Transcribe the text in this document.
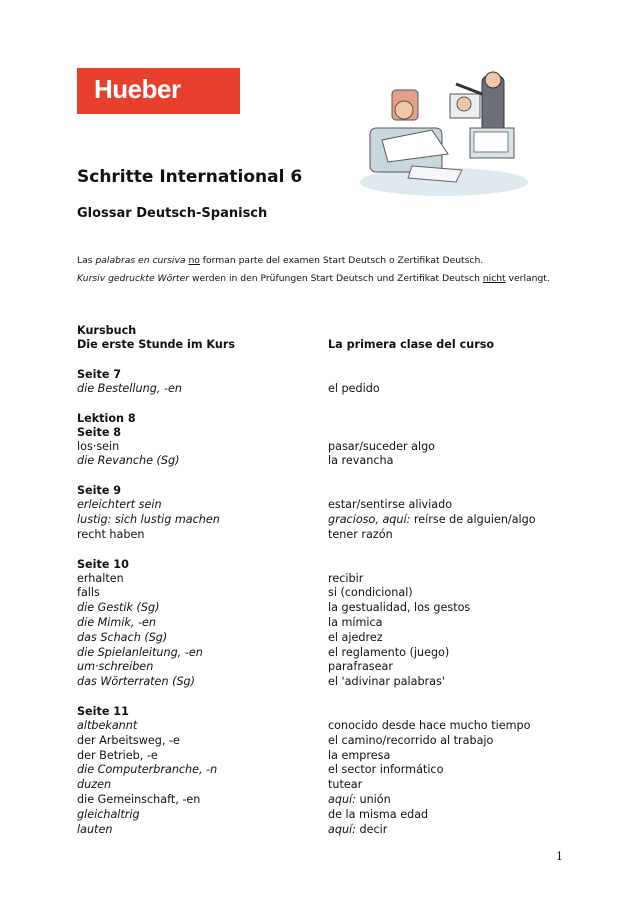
Hueber
Schritte International 6
Glossar Deutsch-Spanisch

Las palabras en cursiva no forman parte del examen Start Deutsch o Zertifikat Deutsch.

Kursiv gedruckte Wörter werden in den Prüfungen Start Deutsch und Zertifikat Deutsch nicht verlangt.

Kursbuch
Die erste Stunde im Kurs	La primera clase del curso
Seite 7
die Bestellung, -en	el pedido
Lektion 8
Seite 8
los·sein	pasar/suceder algo
die Revanche (Sg)	la revancha
Seite 9
erleichtert sein	estar/sentirse aliviado
lustig: sich lustig machen	gracioso, aquí: reírse de alguien/algo
recht haben	tener razón
Seite 10
erhalten	recibir
falls	si (condicional)
die Gestik (Sg)	la gestualidad, los gestos
die Mimik, -en	la mímica
das Schach (Sg)	el ajedrez
die Spielanleitung, -en	el reglamento (juego)
um·schreiben	parafrasear
das Wörterraten (Sg)	el 'adivinar palabras'
Seite 11
altbekannt	conocido desde hace mucho tiempo
der Arbeitsweg, -e	el camino/recorrido al trabajo
der Betrieb, -e	la empresa
die Computerbranche, -n	el sector informático
duzen	tutear
die Gemeinschaft, -en	aquí: unión
gleichaltrig	de la misma edad
lauten	aquí: decir
1
